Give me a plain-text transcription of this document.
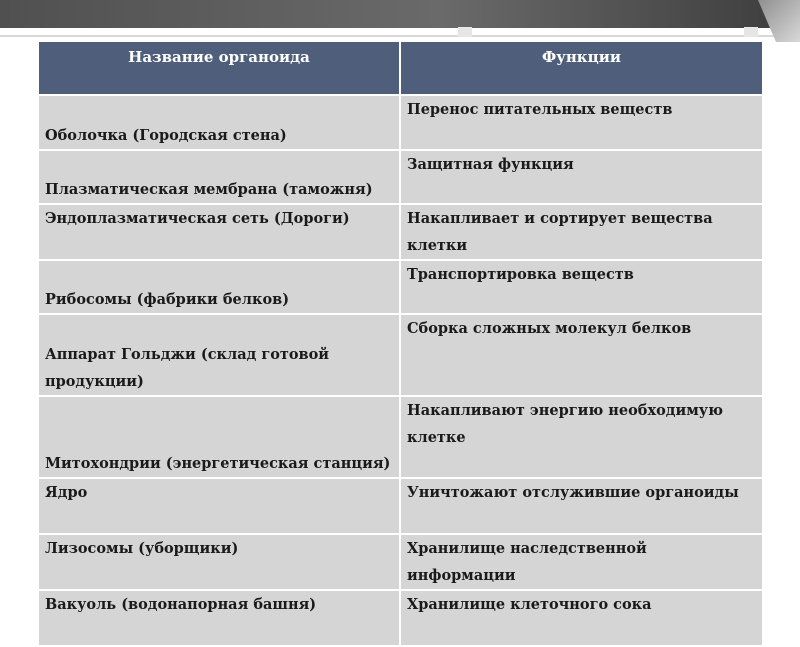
Название органоида	Функции
Оболочка (Городская стена)	Перенос питательных веществ
Плазматическая мембрана (таможня)	Защитная функция
Эндоплазматическая сеть (Дороги)	Накапливает и сортирует вещества клетки
Рибосомы (фабрики белков)	Транспортировка веществ
Аппарат Гольджи (склад готовой продукции)	Сборка сложных молекул белков
Митохондрии (энергетическая станция)	Накапливают энергию необходимую клетке
Ядро	Уничтожают отслужившие органоиды
Лизосомы (уборщики)	Хранилище наследственной информации
Вакуоль (водонапорная башня)	Хранилище клеточного сока
